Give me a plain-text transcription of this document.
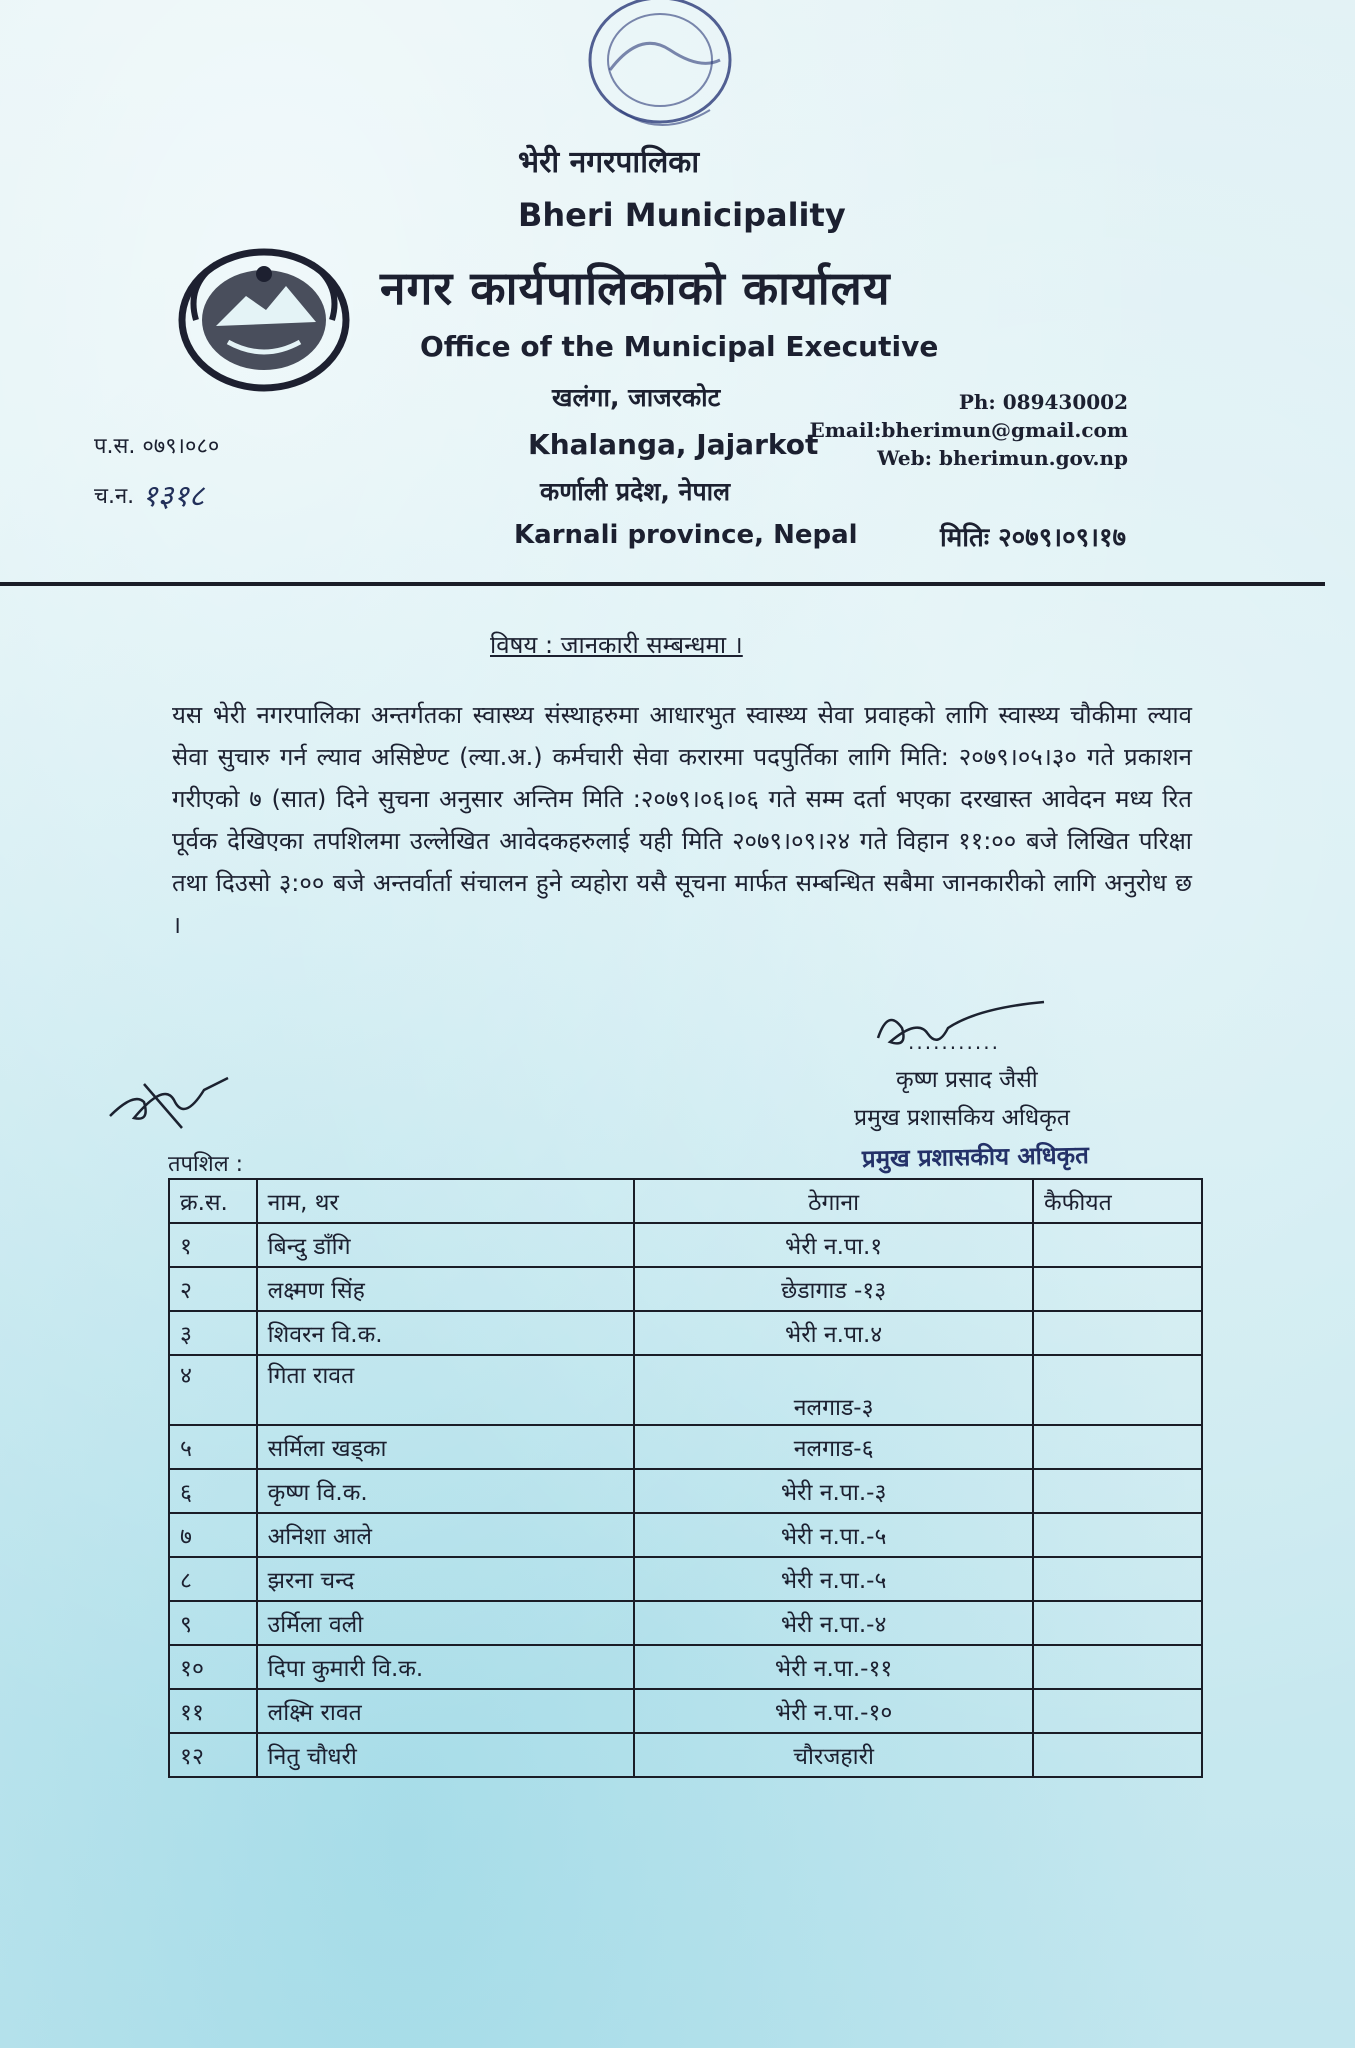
भेरी नगरपालिका
Bheri Municipality
नगर कार्यपालिकाको कार्यालय
Office of the Municipal Executive
खलंगा, जाजरकोट
Khalanga, Jajarkot
कर्णाली प्रदेश, नेपाल
Karnali province, Nepal
Ph: 089430002
Email:bherimun@gmail.com
Web: bherimun.gov.np
प.स. ०७९।०८०
च.न. १३१८
मितिः २०७९।०९।१७
विषय : जानकारी सम्बन्धमा ।
यस भेरी नगरपालिका अन्तर्गतका स्वास्थ्य संस्थाहरुमा आधारभुत स्वास्थ्य सेवा प्रवाहको लागि स्वास्थ्य चौकीमा ल्याव सेवा सुचारु गर्न ल्याव असिष्टेण्ट (ल्या.अ.) कर्मचारी सेवा करारमा पदपुर्तिका लागि मिति: २०७९।०५।३० गते प्रकाशन गरीएको ७ (सात) दिने सुचना अनुसार अन्तिम मिति :२०७९।०६।०६ गते सम्म दर्ता भएका दरखास्त आवेदन मध्य रित पूर्वक देखिएका तपशिलमा उल्लेखित आवेदकहरुलाई यही मिति २०७९।०९।२४ गते विहान ११:०० बजे लिखित परिक्षा तथा दिउसो ३:०० बजे अन्तर्वार्ता संचालन हुने व्यहोरा यसै सूचना मार्फत सम्बन्धित सबैमा जानकारीको लागि अनुरोध छ ।
...........
कृष्ण प्रसाद जैसी
प्रमुख प्रशासकिय अधिकृत
प्रमुख प्रशासकीय अधिकृत
तपशिल :
क्र.स.	नाम, थर	ठेगाना	कैफीयत
१	बिन्दु डाँगि	भेरी न.पा.१	
२	लक्ष्मण सिंह	छेडागाड -१३	
३	शिवरन वि.क.	भेरी न.पा.४	
४	गिता रावत	नलगाड-३	
५	सर्मिला खड्का	नलगाड-६	
६	कृष्ण वि.क.	भेरी न.पा.-३	
७	अनिशा आले	भेरी न.पा.-५	
८	झरना चन्द	भेरी न.पा.-५	
९	उर्मिला वली	भेरी न.पा.-४	
१०	दिपा कुमारी वि.क.	भेरी न.पा.-११	
११	लक्ष्मि रावत	भेरी न.पा.-१०	
१२	नितु चौधरी	चौरजहारी	
